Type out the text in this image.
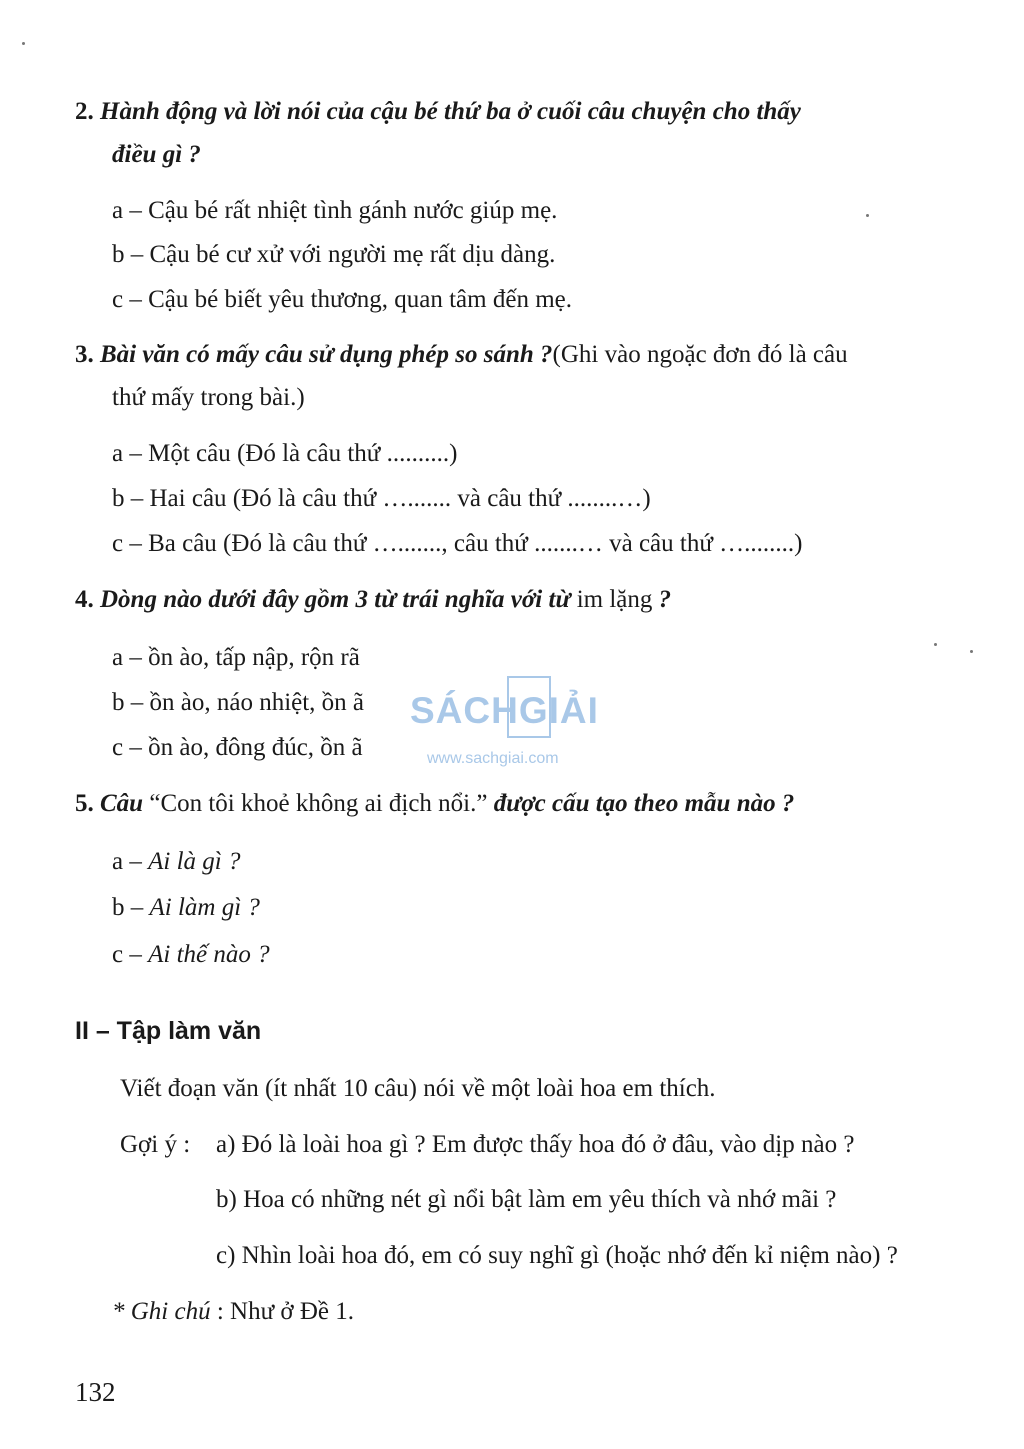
2. Hành động và lời nói của cậu bé thứ ba ở cuối câu chuyện cho thấy
điều gì ?
a – Cậu bé rất nhiệt tình gánh nước giúp mẹ.
b – Cậu bé cư xử với người mẹ rất dịu dàng.
c – Cậu bé biết yêu thương, quan tâm đến mẹ.
3. Bài văn có mấy câu sử dụng phép so sánh ?(Ghi vào ngoặc đơn đó là câu
thứ mấy trong bài.)
a – Một câu (Đó là câu thứ ..........)
b – Hai câu (Đó là câu thứ …....... và câu thứ ........…)
c – Ba câu (Đó là câu thứ …......., câu thứ .......… và câu thứ …........)
4. Dòng nào dưới đây gồm 3 từ trái nghĩa với từ im lặng ?
a – ồn ào, tấp nập, rộn rã
b – ồn ào, náo nhiệt, ồn ã
c – ồn ào, đông đúc, ồn ã
SÁCHGIẢI
www.sachgiai.com
5. Câu “Con tôi khoẻ không ai địch nổi.” được cấu tạo theo mẫu nào ?
a – Ai là gì ?
b – Ai làm gì ?
c – Ai thế nào ?
II – Tập làm văn
Viết đoạn văn (ít nhất 10 câu) nói về một loài hoa em thích.
Gợi ý : a) Đó là loài hoa gì ? Em được thấy hoa đó ở đâu, vào dịp nào ?
b) Hoa có những nét gì nổi bật làm em yêu thích và nhớ mãi ?
c) Nhìn loài hoa đó, em có suy nghĩ gì (hoặc nhớ đến kỉ niệm nào) ?
* Ghi chú : Như ở Đề 1.
132
